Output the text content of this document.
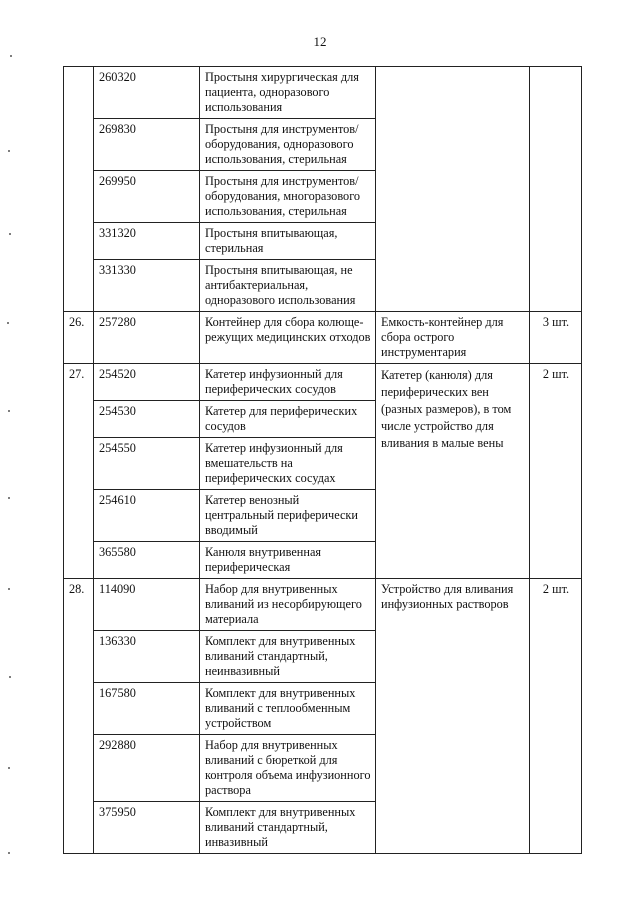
12
	260320	Простыня хирургическая для пациента, одноразового использования		
	269830	Простыня для инструментов/оборудования, одноразового использования, стерильная		
	269950	Простыня для инструментов/оборудования, многоразового использования, стерильная		
	331320	Простыня впитывающая, стерильная		
	331330	Простыня впитывающая, не антибактериальная, одноразового использования		
26.	257280	Контейнер для сбора колюще-режущих медицинских отходов	Емкость-контейнер для сбора острого инструментария	3 шт.
27.	254520	Катетер инфузионный для периферических сосудов	Катетер (канюля) для периферических вен (разных размеров), в том числе устройство для вливания в малые вены	2 шт.
	254530	Катетер для периферических сосудов		
	254550	Катетер инфузионный для вмешательств на периферических сосудах		
	254610	Катетер венозный центральный периферически вводимый		
	365580	Канюля внутривенная периферическая		
28.	114090	Набор для внутривенных вливаний из несорбирующего материала	Устройство для вливания инфузионных растворов	2 шт.
	136330	Комплект для внутривенных вливаний стандартный, неинвазивный		
	167580	Комплект для внутривенных вливаний с теплообменным устройством		
	292880	Набор для внутривенных вливаний с бюреткой для контроля объема инфузионного раствора		
	375950	Комплект для внутривенных вливаний стандартный, инвазивный		
